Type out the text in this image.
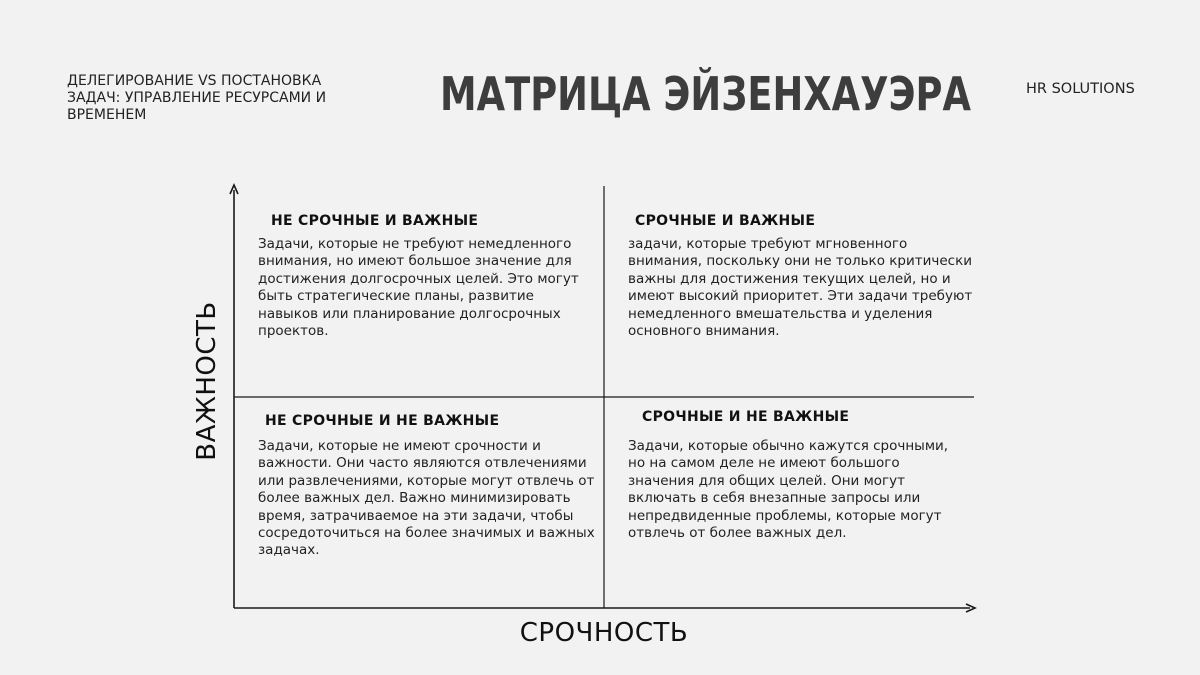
ДЕЛЕГИРОВАНИЕ VS ПОСТАНОВКА ЗАДАЧ: УПРАВЛЕНИЕ РЕСУРСАМИ И ВРЕМЕНЕМ	МАТРИЦА ЭЙЗЕНХАУЭРА	HR SOLUTIONS
ВАЖНОСТЬ
СРОЧНОСТЬ
НЕ СРОЧНЫЕ И ВАЖНЫЕ
Задачи, которые не требуют немедленного внимания, но имеют большое значение для достижения долгосрочных целей. Это могут быть стратегические планы, развитие навыков или планирование долгосрочных проектов.
СРОЧНЫЕ И ВАЖНЫЕ
задачи, которые требуют мгновенного внимания, поскольку они не только критически важны для достижения текущих целей, но и имеют высокий приоритет. Эти задачи требуют немедленного вмешательства и уделения основного внимания.
НЕ СРОЧНЫЕ И НЕ ВАЖНЫЕ
Задачи, которые не имеют срочности и важности. Они часто являются отвлечениями или развлечениями, которые могут отвлечь от более важных дел. Важно минимизировать время, затрачиваемое на эти задачи, чтобы сосредоточиться на более значимых и важных задачах.
СРОЧНЫЕ И НЕ ВАЖНЫЕ
Задачи, которые обычно кажутся срочными, но на самом деле не имеют большого значения для общих целей. Они могут включать в себя внезапные запросы или непредвиденные проблемы, которые могут отвлечь от более важных дел.
